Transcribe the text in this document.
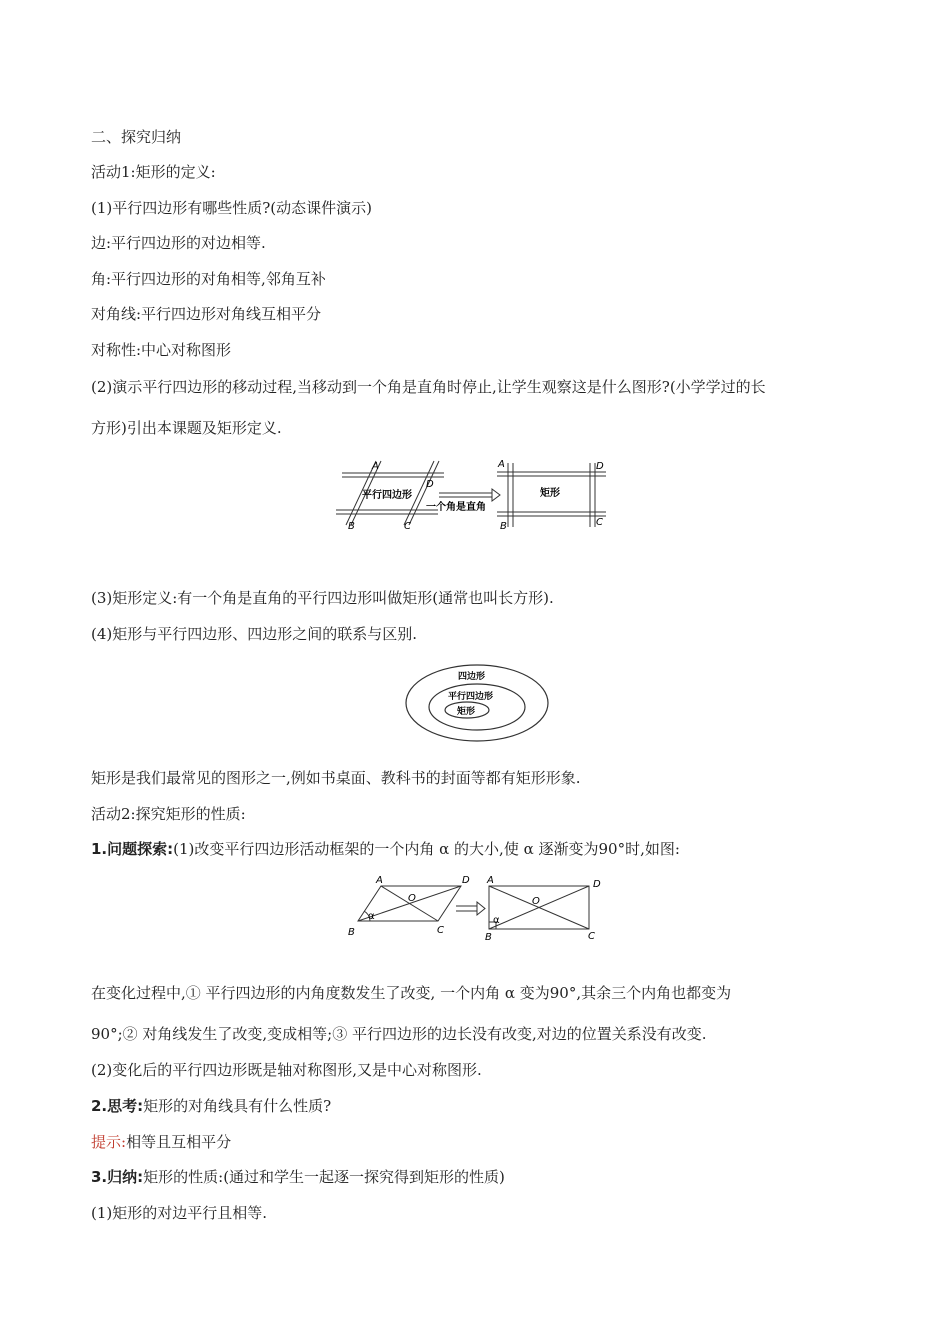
二、探究归纳
活动1:矩形的定义:
(1)平行四边形有哪些性质?(动态课件演示)
边:平行四边形的对边相等.
角:平行四边形的对角相等,邻角互补
对角线:平行四边形对角线互相平分
对称性:中心对称图形
(2)演示平行四边形的移动过程,当移动到一个角是直角时停止,让学生观察这是什么图形?(小学学过的长
方形)引出本课题及矩形定义.
平行四边形
一个角是直角
矩形
A
D
B	C
A	D
B	C
(3)矩形定义:有一个角是直角的平行四边形叫做矩形(通常也叫长方形).
(4)矩形与平行四边形、四边形之间的联系与区别.
四边形
平行四边形
矩形
矩形是我们最常见的图形之一,例如书桌面、教科书的封面等都有矩形形象.
活动2:探究矩形的性质:
1.问题探索:(1)改变平行四边形活动框架的一个内角 α 的大小,使 α 逐渐变为90°时,如图:
A	D
O
α
B	C
A	D
O
α
B	C
在变化过程中,① 平行四边形的内角度数发生了改变, 一个内角 α 变为90°,其余三个内角也都变为
90°;② 对角线发生了改变,变成相等;③ 平行四边形的边长没有改变,对边的位置关系没有改变.
(2)变化后的平行四边形既是轴对称图形,又是中心对称图形.
2.思考:矩形的对角线具有什么性质?
提示:相等且互相平分
3.归纳:矩形的性质:(通过和学生一起逐一探究得到矩形的性质)
(1)矩形的对边平行且相等.
